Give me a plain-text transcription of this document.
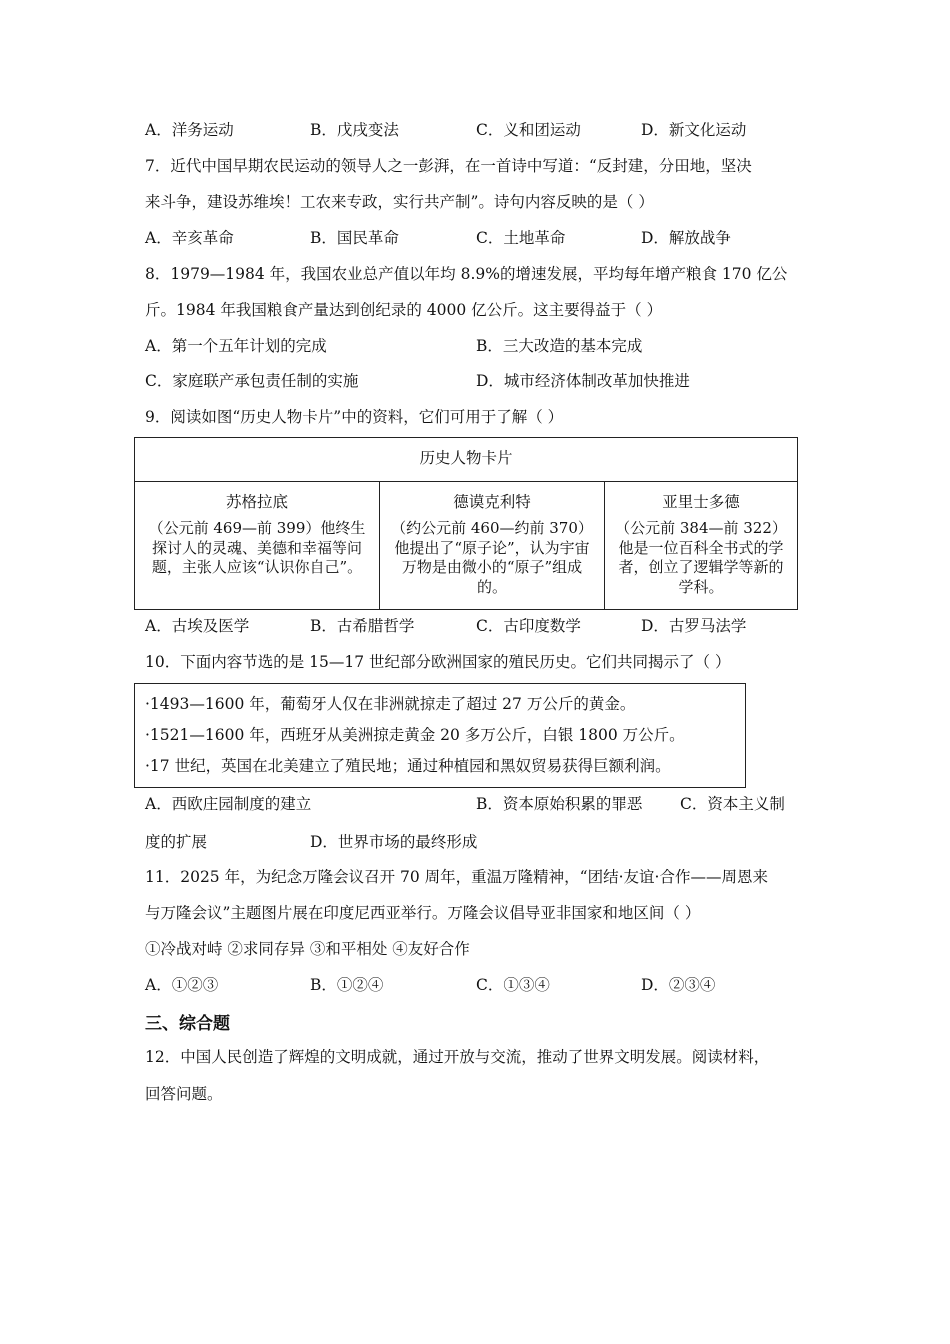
A．洋务运动	B．戊戌变法	C．义和团运动	D．新文化运动
7．近代中国早期农民运动的领导人之一彭湃，在一首诗中写道：“反封建，分田地，坚决
来斗争，建设苏维埃！工农来专政，实行共产制”。诗句内容反映的是（ ）
A．辛亥革命	B．国民革命	C．土地革命	D．解放战争
8．1979—1984 年，我国农业总产值以年均 8.9%的增速发展，平均每年增产粮食 170 亿公
斤。1984 年我国粮食产量达到创纪录的 4000 亿公斤。这主要得益于（ ）
A．第一个五年计划的完成	B．三大改造的基本完成
C．家庭联产承包责任制的实施	D．城市经济体制改革加快推进
9．阅读如图“历史人物卡片”中的资料，它们可用于了解（ ）
历史人物卡片
苏格拉底
（公元前 469—前 399）他终生探讨人的灵魂、美德和幸福等问题，主张人应该“认识你自己”。
德谟克利特
（约公元前 460—约前 370）他提出了“原子论”，认为宇宙万物是由微小的“原子”组成的。
亚里士多德
（公元前 384—前 322）他是一位百科全书式的学者，创立了逻辑学等新的学科。
A．古埃及医学	B．古希腊哲学	C．古印度数学	D．古罗马法学
10．下面内容节选的是 15—17 世纪部分欧洲国家的殖民历史。它们共同揭示了（ ）
·1493—1600 年，葡萄牙人仅在非洲就掠走了超过 27 万公斤的黄金。
·1521—1600 年，西班牙从美洲掠走黄金 20 多万公斤，白银 1800 万公斤。
·17 世纪，英国在北美建立了殖民地；通过种植园和黑奴贸易获得巨额利润。
A．西欧庄园制度的建立	B．资本原始积累的罪恶 C．资本主义制
度的扩展	D．世界市场的最终形成
11．2025 年，为纪念万隆会议召开 70 周年，重温万隆精神，“团结·友谊·合作——周恩来
与万隆会议”主题图片展在印度尼西亚举行。万隆会议倡导亚非国家和地区间（ ）
①冷战对峙 ②求同存异 ③和平相处 ④友好合作
A．①②③	B．①②④	C．①③④	D．②③④
三、综合题
12．中国人民创造了辉煌的文明成就，通过开放与交流，推动了世界文明发展。阅读材料，
回答问题。
